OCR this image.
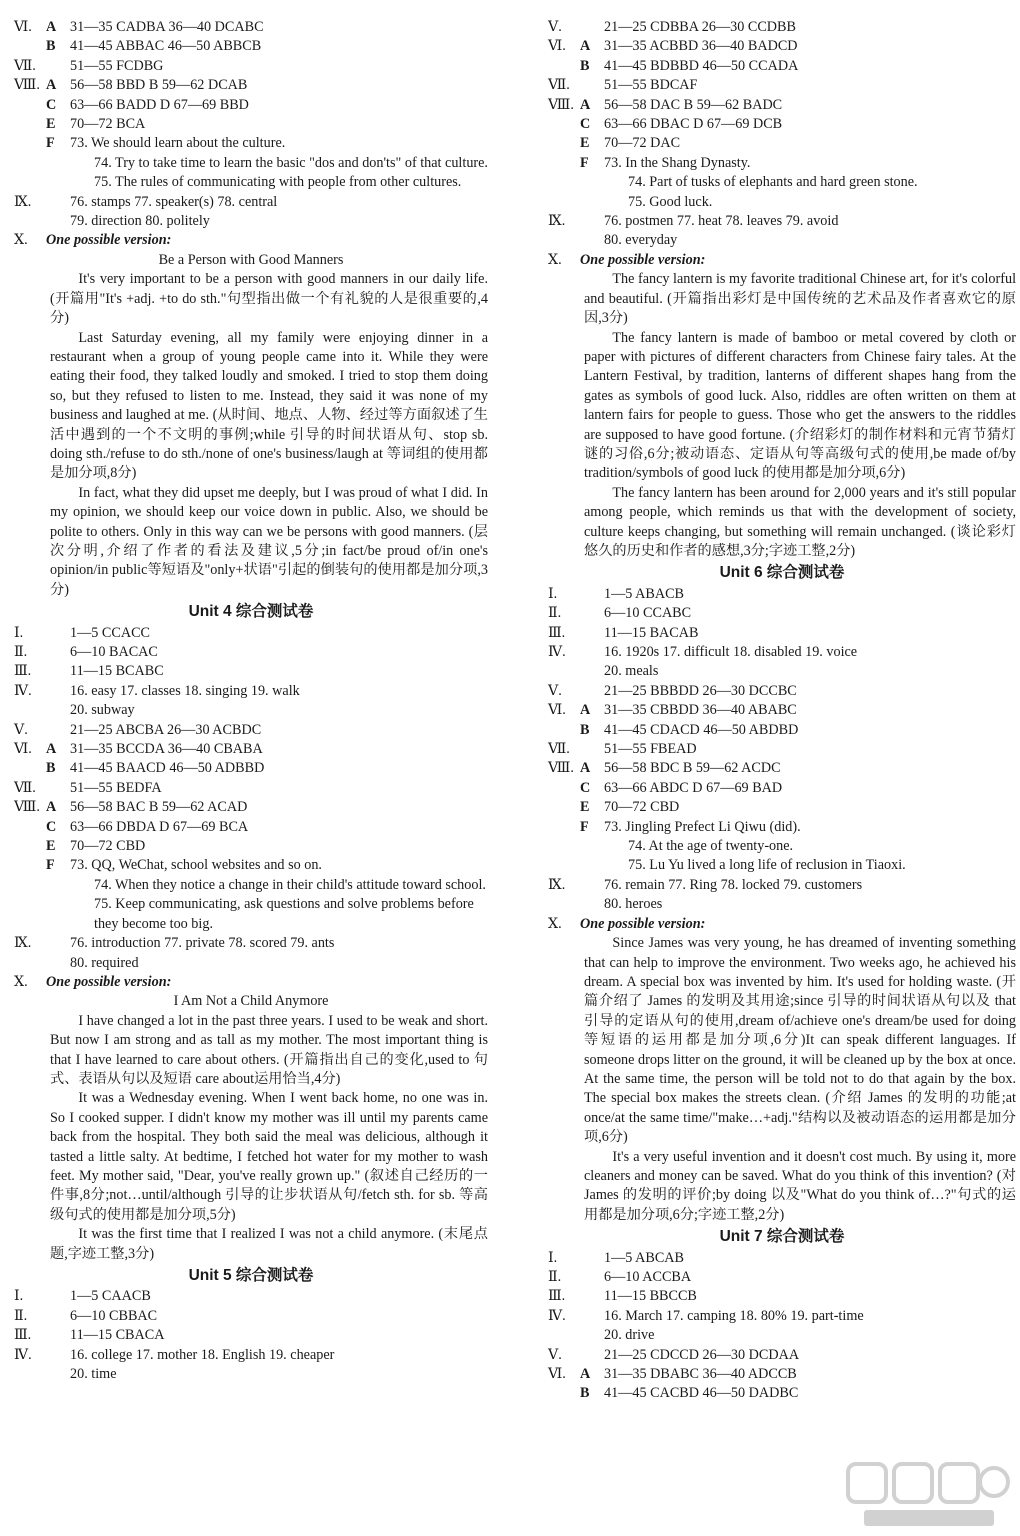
Ⅵ. A 31—35 CADBA 36—40 DCABC
B	41—45 ABBAC 46—50 ABBCB
Ⅶ.	51—55 FCDBG
Ⅷ. A 56—58 BBD B 59—62 DCAB
C 63—66 BADD D 67—69 BBD
E	70—72 BCA
F	73. We should learn about the culture.
74. Try to take time to learn the basic "dos and don'ts" of that culture.
75. The rules of communicating with people from other cultures.
Ⅸ.	76. stamps 77. speaker(s) 78. central
79. direction 80. politely
Ⅹ.	One possible version:
Be a Person with Good Manners
It's very important to be a person with good manners in our daily life. (开篇用"It's +adj. +to do sth."句型指出做一个有礼貌的人是很重要的,4分)
Last Saturday evening, all my family were enjoying dinner in a restaurant when a group of young people came into it. While they were eating their food, they talked loudly and smoked. I tried to stop them doing so, but they refused to listen to me. Instead, they said it was none of my business and laughed at me. (从时间、地点、人物、经过等方面叙述了生活中遇到的一个不文明的事例;while 引导的时间状语从句、stop sb. doing sth./refuse to do sth./none of one's business/laugh at 等词组的使用都是加分项,8分)
In fact, what they did upset me deeply, but I was proud of what I did. In my opinion, we should keep our voice down in public. Also, we should be polite to others. Only in this way can we be persons with good manners. (层次分明,介绍了作者的看法及建议,5分;in fact/be proud of/in one's opinion/in public等短语及"only+状语"引起的倒装句的使用都是加分项,3分)
Unit 4 综合测试卷
Ⅰ.	1—5 CCACC
Ⅱ.	6—10 BACAC
Ⅲ.	11—15 BCABC
Ⅳ.	16. easy 17. classes 18. singing 19. walk
20. subway
Ⅴ.	21—25 ABCBA 26—30 ACBDC
Ⅵ. A 31—35 BCCDA 36—40 CBABA
B	41—45 BAACD 46—50 ADBBD
Ⅶ.	51—55 BEDFA
Ⅷ. A 56—58 BAC B 59—62 ACAD
C 63—66 DBDA D 67—69 BCA
E	70—72 CBD
F	73. QQ, WeChat, school websites and so on.
74. When they notice a change in their child's attitude toward school.
75. Keep communicating, ask questions and solve problems before they become too big.
Ⅸ.	76. introduction 77. private 78. scored 79. ants
80. required
Ⅹ.	One possible version:
I Am Not a Child Anymore
I have changed a lot in the past three years. I used to be weak and short. But now I am strong and as tall as my mother. The most important thing is that I have learned to care about others. (开篇指出自己的变化,used to 句式、表语从句以及短语 care about运用恰当,4分)
It was a Wednesday evening. When I went back home, no one was in. So I cooked supper. I didn't know my mother was ill until my parents came back from the hospital. They both said the meal was delicious, although it tasted a little salty. At bedtime, I fetched hot water for my mother to wash feet. My mother said, "Dear, you've really grown up." (叙述自己经历的一件事,8分;not…until/although 引导的让步状语从句/fetch sth. for sb. 等高级句式的使用都是加分项,5分)
It was the first time that I realized I was not a child anymore. (末尾点题,字迹工整,3分)
Unit 5 综合测试卷
Ⅰ.	1—5 CAACB
Ⅱ.	6—10 CBBAC
Ⅲ.	11—15 CBACA
Ⅳ.	16. college 17. mother 18. English 19. cheaper
20. time
Ⅴ.	21—25 CDBBA 26—30 CCDBB
Ⅵ. A 31—35 ACBBD 36—40 BADCD
B	41—45 BDBBD 46—50 CCADA
Ⅶ.	51—55 BDCAF
Ⅷ. A 56—58 DAC B 59—62 BADC
C 63—66 DBAC D 67—69 DCB
E	70—72 DAC
F	73. In the Shang Dynasty.
74. Part of tusks of elephants and hard green stone.
75. Good luck.
Ⅸ.	76. postmen 77. heat 78. leaves 79. avoid
80. everyday
Ⅹ.	One possible version:
The fancy lantern is my favorite traditional Chinese art, for it's colorful and beautiful. (开篇指出彩灯是中国传统的艺术品及作者喜欢它的原因,3分)
The fancy lantern is made of bamboo or metal covered by cloth or paper with pictures of different characters from Chinese fairy tales. At the Lantern Festival, by tradition, lanterns of different shapes hang from the gates as symbols of good luck. Also, riddles are often written on them at lantern fairs for people to guess. Those who get the answers to the riddles are supposed to have good fortune. (介绍彩灯的制作材料和元宵节猜灯谜的习俗,6分;被动语态、定语从句等高级句式的使用,be made of/by tradition/symbols of good luck 的使用都是加分项,6分)
The fancy lantern has been around for 2,000 years and it's still popular among people, which reminds us that with the development of society, culture keeps changing, but something will remain unchanged. (谈论彩灯悠久的历史和作者的感想,3分;字迹工整,2分)
Unit 6 综合测试卷
Ⅰ.	1—5 ABACB
Ⅱ.	6—10 CCABC
Ⅲ.	11—15 BACAB
Ⅳ.	16. 1920s 17. difficult 18. disabled 19. voice
20. meals
Ⅴ.	21—25 BBBDD 26—30 DCCBC
Ⅵ. A 31—35 CBBDD 36—40 ABABC
B	41—45 CDACD 46—50 ABDBD
Ⅶ.	51—55 FBEAD
Ⅷ. A 56—58 BDC B 59—62 ACDC
C 63—66 ABDC D 67—69 BAD
E	70—72 CBD
F	73. Jingling Prefect Li Qiwu (did).
74. At the age of twenty-one.
75. Lu Yu lived a long life of reclusion in Tiaoxi.
Ⅸ.	76. remain 77. Ring 78. locked 79. customers
80. heroes
Ⅹ.	One possible version:
Since James was very young, he has dreamed of inventing something that can help to improve the environment. Two weeks ago, he achieved his dream. A special box was invented by him. It's used for holding waste. (开篇介绍了 James 的发明及其用途;since 引导的时间状语从句以及 that 引导的定语从句的使用,dream of/achieve one's dream/be used for doing 等短语的运用都是加分项,6分)It can speak different languages. If someone drops litter on the ground, it will be cleaned up by the box at once. At the same time, the person will be told not to do that again by the box. The special box makes the streets clean. (介绍 James 的发明的功能;at once/at the same time/"make…+adj."结构以及被动语态的运用都是加分项,6分)
It's a very useful invention and it doesn't cost much. By using it, more cleaners and money can be saved. What do you think of this invention? (对 James 的发明的评价;by doing 以及"What do you think of…?"句式的运用都是加分项,6分;字迹工整,2分)
Unit 7 综合测试卷
Ⅰ.	1—5 ABCAB
Ⅱ.	6—10 ACCBA
Ⅲ.	11—15 BBCCB
Ⅳ.	16. March 17. camping 18. 80% 19. part-time
20. drive
Ⅴ.	21—25 CDCCD 26—30 DCDAA
Ⅵ. A 31—35 DBABC 36—40 ADCCB
B	41—45 CACBD 46—50 DADBC
